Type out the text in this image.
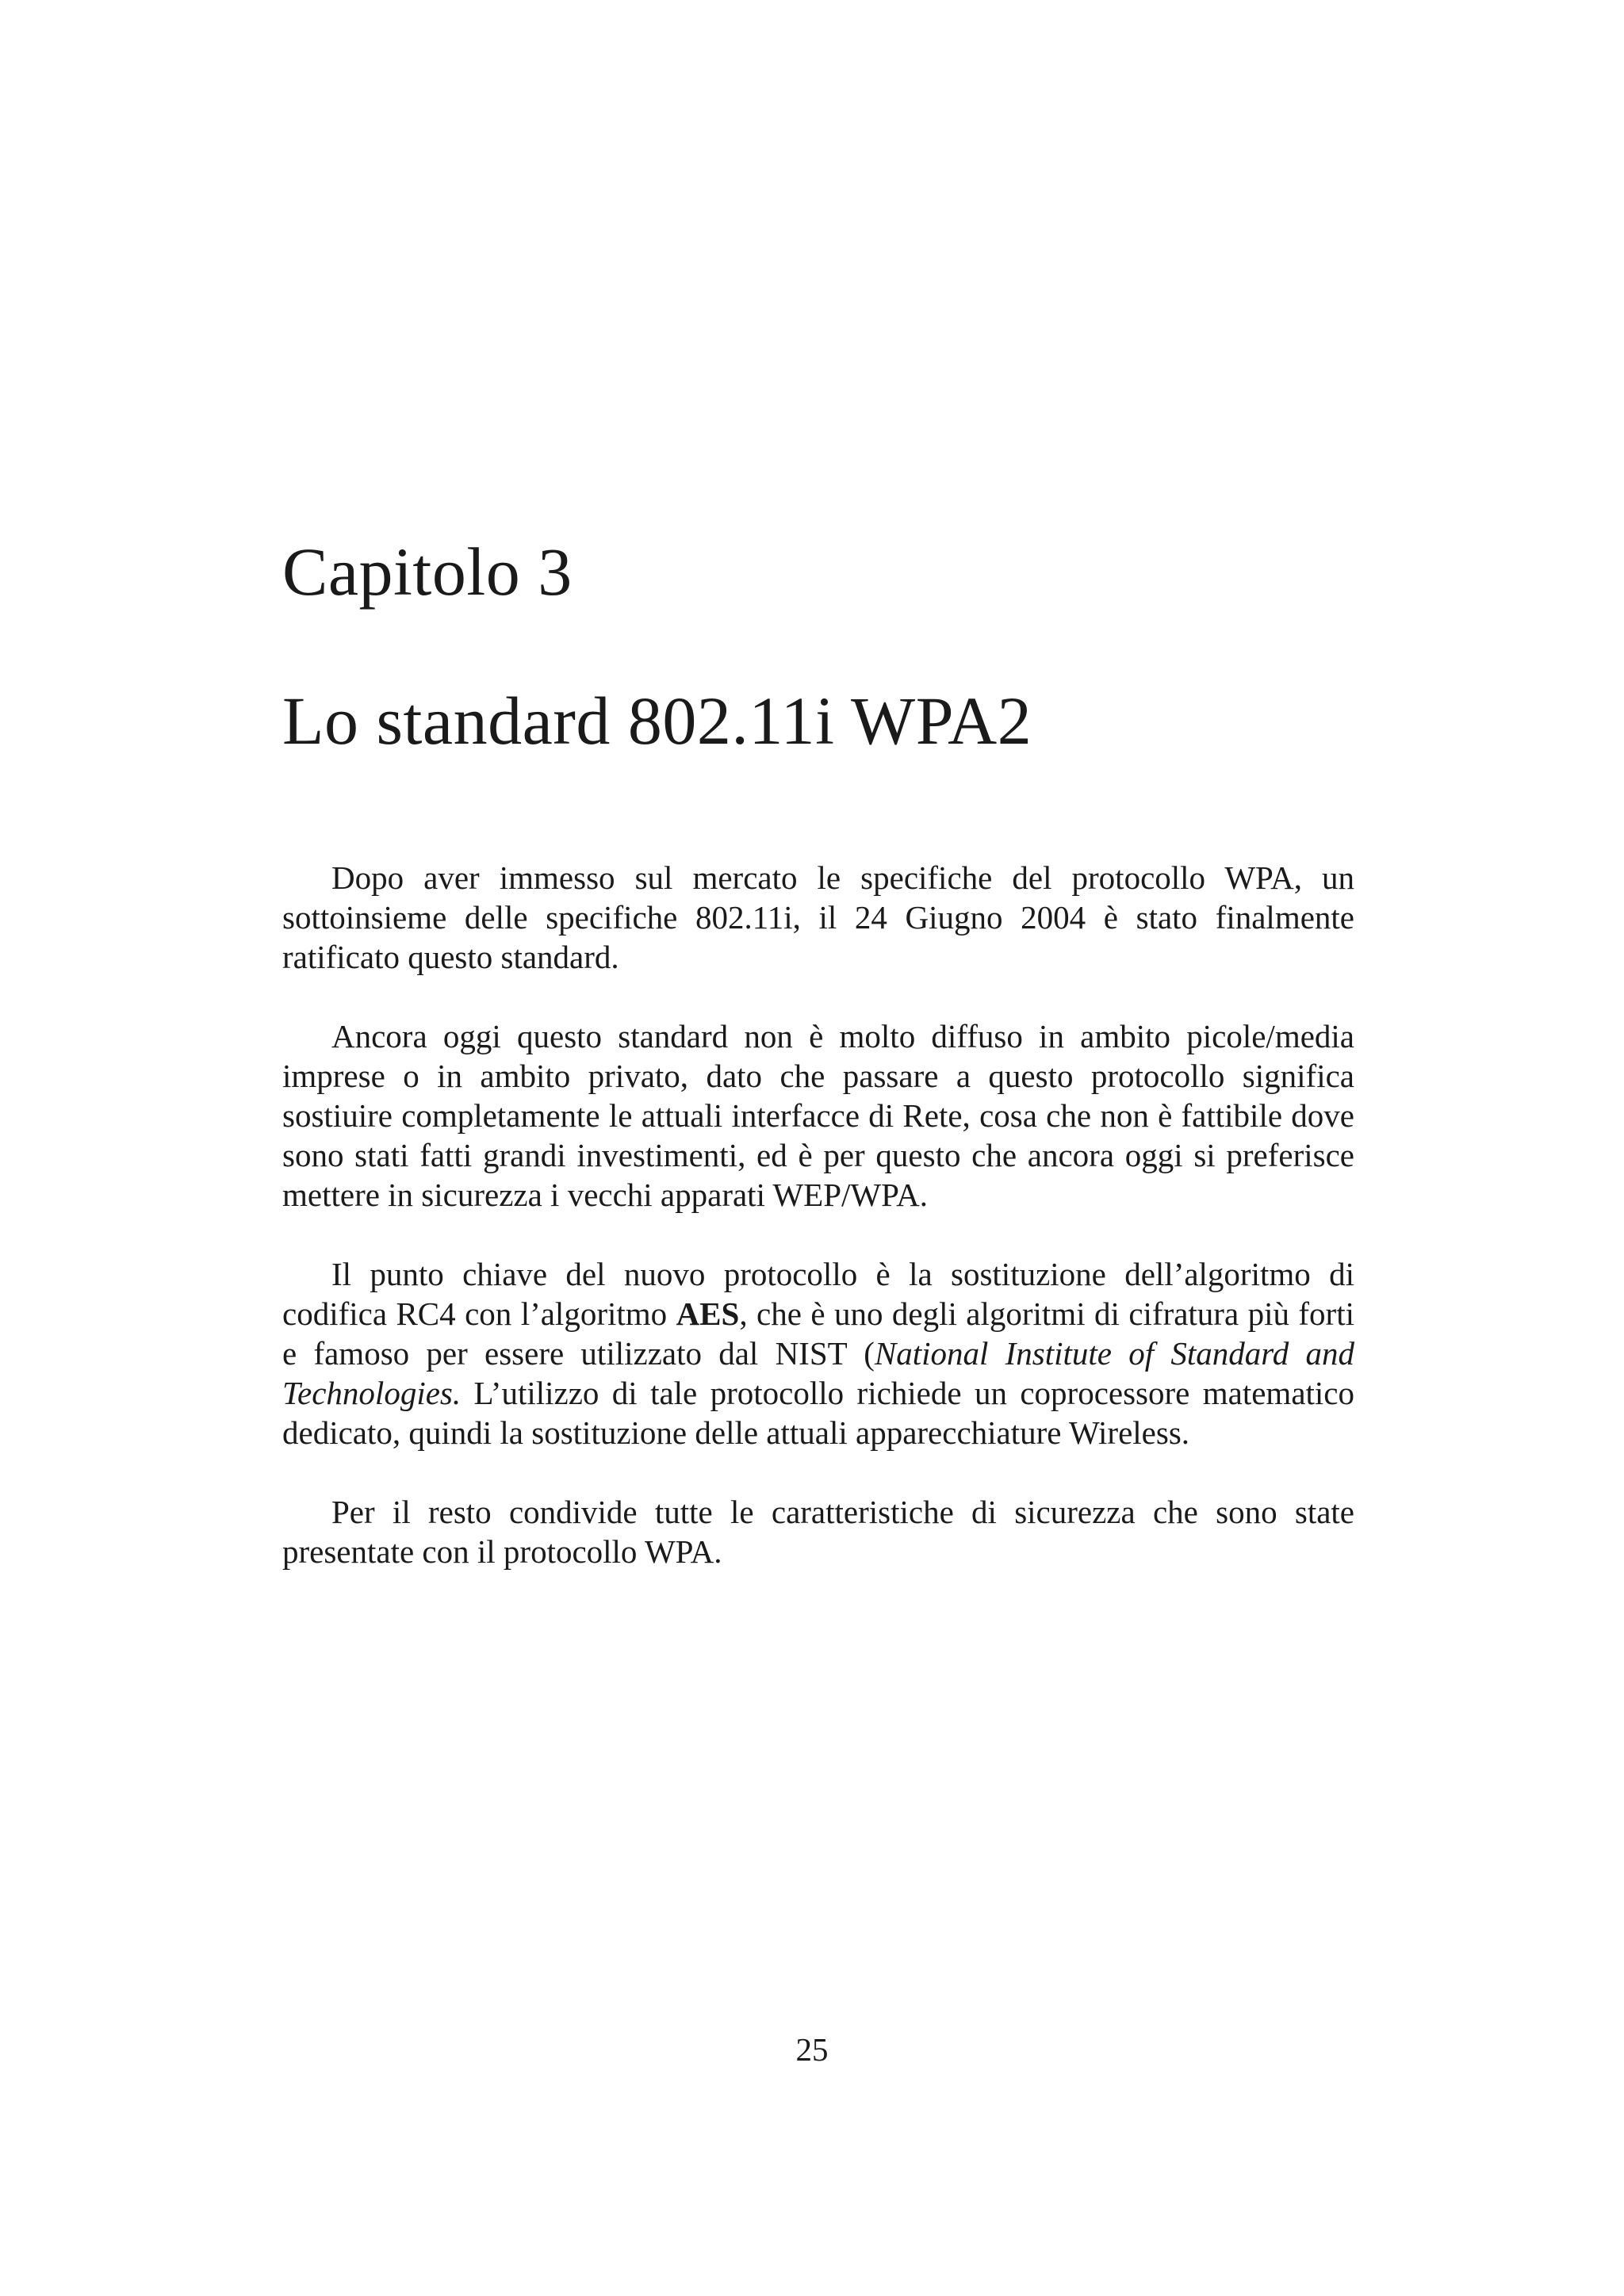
Capitolo 3
Lo standard 802.11i WPA2

Dopo aver immesso sul mercato le specifiche del protocollo WPA, un sottoinsieme delle specifiche 802.11i, il 24 Giugno 2004 è stato finalmente ratificato questo standard.

Ancora oggi questo standard non è molto diffuso in ambito picole/media imprese o in ambito privato, dato che passare a questo protocollo significa sostiuire completamente le attuali interfacce di Rete, cosa che non è fattibile dove sono stati fatti grandi investimenti, ed è per questo che ancora oggi si preferisce mettere in sicurezza i vecchi apparati WEP/WPA.

Il punto chiave del nuovo protocollo è la sostituzione dell’algoritmo di codifica RC4 con l’algoritmo AES, che è uno degli algoritmi di cifratura più forti e famoso per essere utilizzato dal NIST (National Institute of Standard and Technologies. L’utilizzo di tale protocollo richiede un coprocessore matematico dedicato, quindi la sostituzione delle attuali apparecchiature Wireless.

Per il resto condivide tutte le caratteristiche di sicurezza che sono state presentate con il protocollo WPA.

25
